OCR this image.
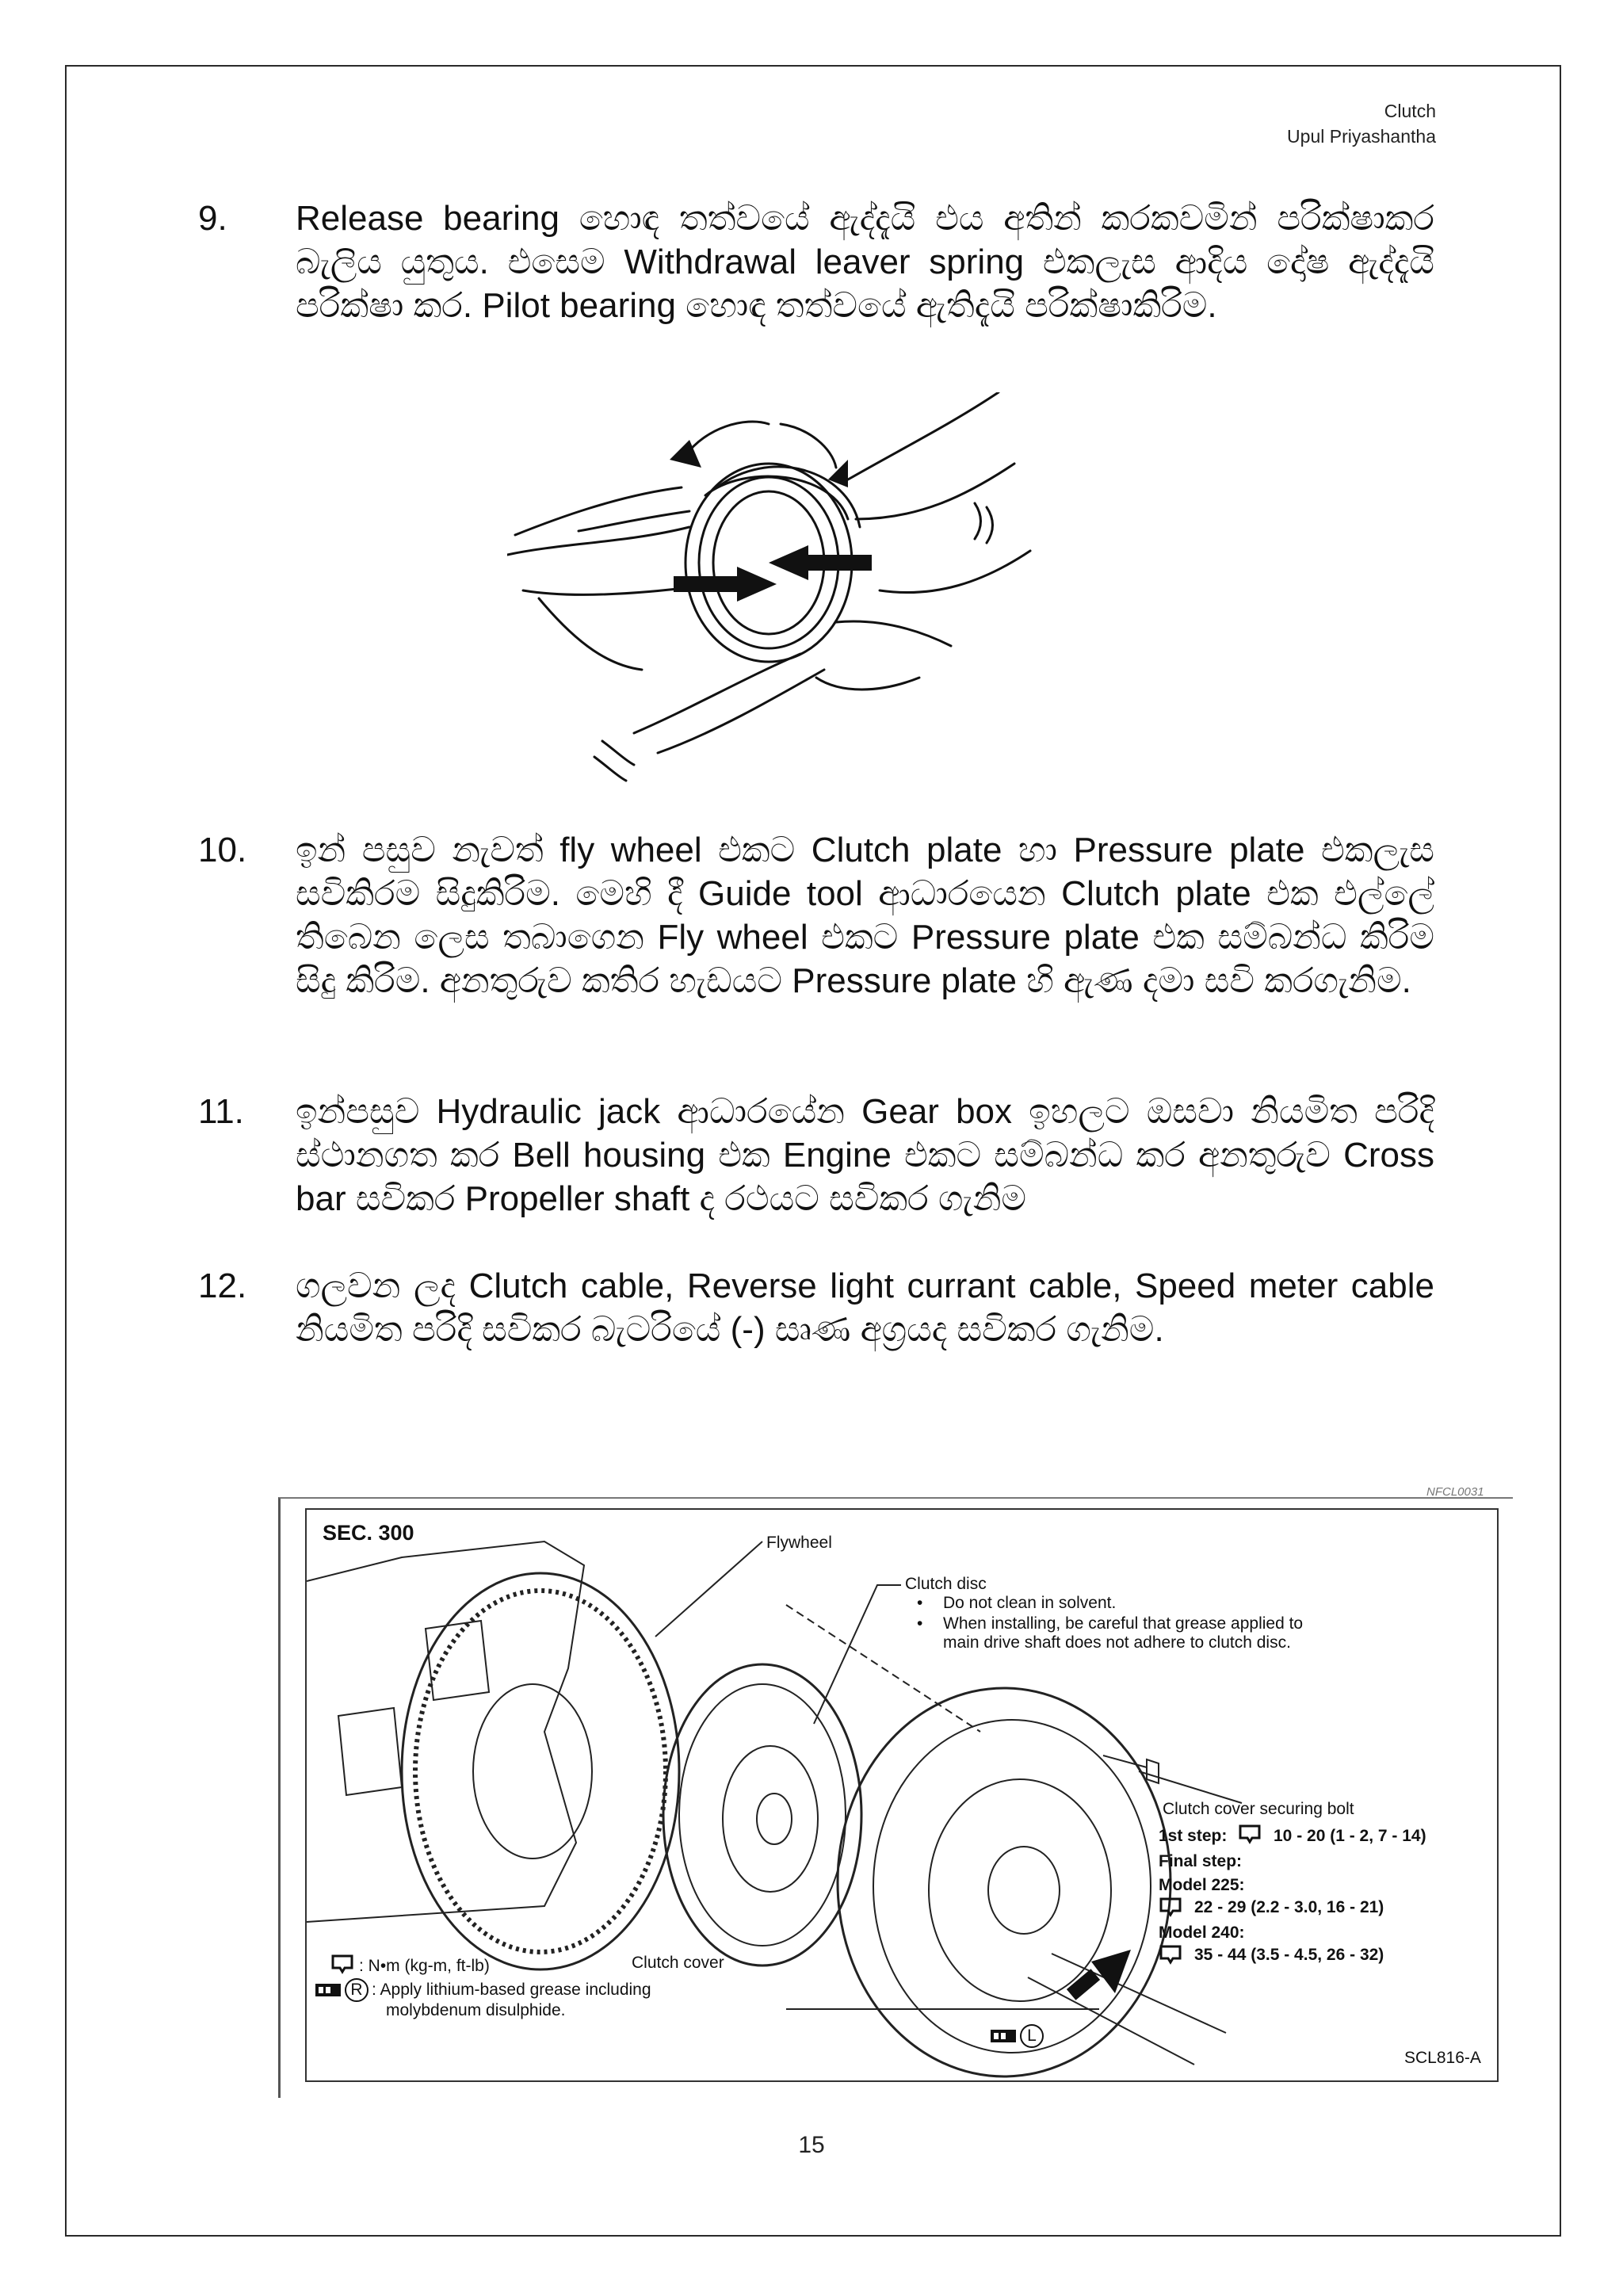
Clutch
Upul Priyashantha
9. Release bearing හොඳ තත්වයේ ඇද්දැයි එය අතින් කරකවමින් පරික්ෂාකර බැලිය යුතුය. එසෙම Withdrawal leaver spring එකලැස ආදිය දෝෂ ඇද්දැයි පරික්ෂා කර. Pilot bearing හොඳ තත්වයේ ඇතිදැයි පරික්ෂාකිරිම.
10. ඉන් පසුව නැවත් fly wheel එකට Clutch plate හා Pressure plate එකලැස සවිකිරම සිදුකිරිම. මෙහි දී Guide tool ආධාරයෙන Clutch plate එක එල්ලේ තිබෙන ලෙස තබාගෙන Fly wheel එකට Pressure plate එක සම්බන්ධ කිරිම සිදු කිරිම. අනතුරුව කතිර හැඩයට Pressure plate හි ඇණ දමා සවි කරගැනිම.
11. ඉන්පසුව Hydraulic jack ආධාරයේන Gear box ඉහලට ඔසවා නියමිත පරිදි ස්ථානගත කර Bell housing එක Engine එකට සම්බන්ධ කර අනතුරුව Cross bar සවිකර Propeller shaft ද රථයට සවිකර ගැනිම
12. ගලවන ලද Clutch cable, Reverse light currant cable, Speed meter cable නියමිත පරිදි සවිකර බැටරියේ (-) සෘණ අග්‍රයද සවිකර ගැනිම.
NFCL0031
SEC. 300	Flywheel
Clutch disc
• Do not clean in solvent.
• When installing, be careful that grease applied to
main drive shaft does not adhere to clutch disc.
Clutch cover securing bolt
1st step:	10 - 20 (1 - 2, 7 - 14)
Final step:
Model 225:
22 - 29 (2.2 - 3.0, 16 - 21)
Model 240:
35 - 44 (3.5 - 4.5, 26 - 32)
Clutch cover
: N•m (kg-m, ft-lb)
R : Apply lithium-based grease including
molybdenum disulphide.
L
SCL816-A
15
